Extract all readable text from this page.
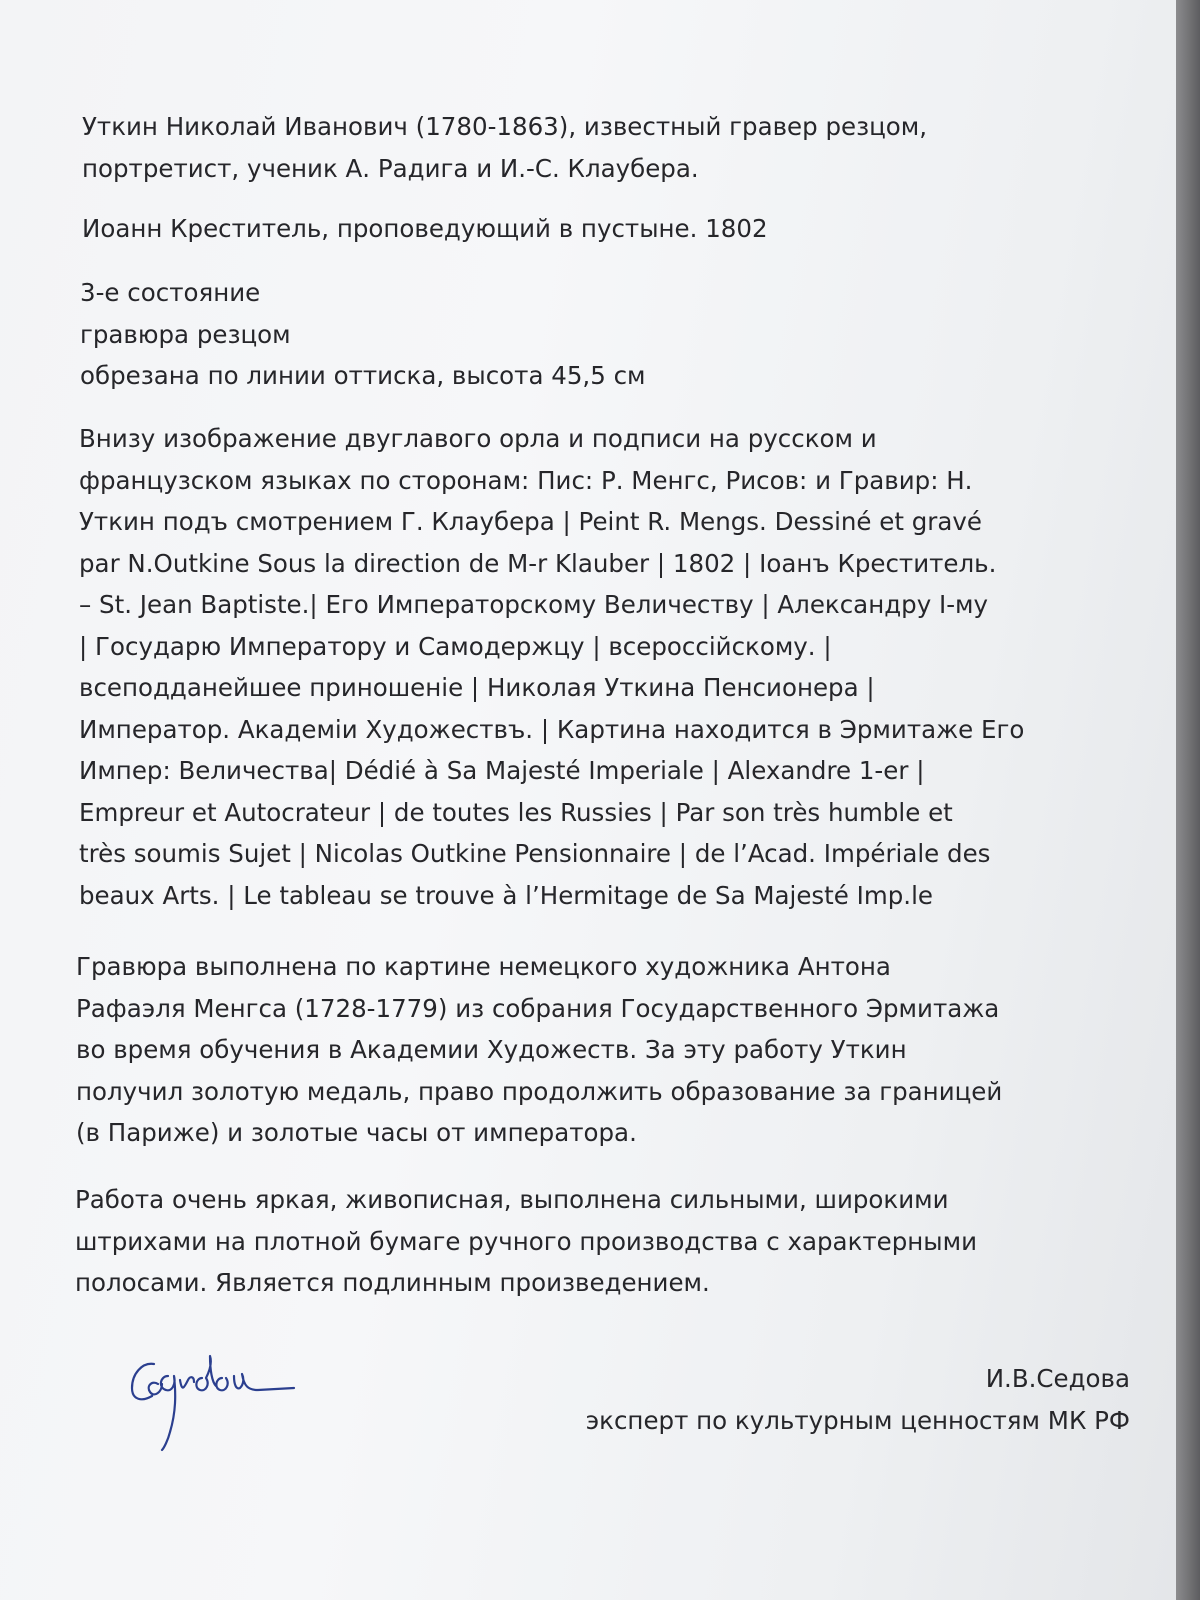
Уткин Николай Иванович (1780-1863), известный гравер резцом,

портретист, ученик А. Радига и И.-С. Клаубера.

Иоанн Креститель, проповедующий в пустыне. 1802

3-е состояние

гравюра резцом

обрезана по линии оттиска, высота 45,5 см

Внизу изображение двуглавого орла и подписи на русском и

французском языках по сторонам: Пис: Р. Менгс, Рисов: и Гравир: Н.

Уткин подъ смотрением Г. Клаубера | Peint R. Mengs. Dessiné et gravé

par N.Outkine Sous la direction de M-r Klauber | 1802 | Іоанъ Креститель.

– St. Jean Baptiste.| Его Императорскому Величеству | Александру I-му

| Государю Императору и Самодержцу | всероссійскому. |

всеподданейшее приношеніе | Николая Уткина Пенсионера |

Император. Академіи Художествъ. | Картина находится в Эрмитаже Его

Импер: Величества| Dédié à Sa Majesté Imperiale | Alexandre 1-er |

Empreur et Autocrateur | de toutes les Russies | Par son très humble et

très soumis Sujet | Nicolas Outkine Pensionnaire | de l’Acad. Impériale des

beaux Arts. | Le tableau se trouve à l’Hermitage de Sa Majesté Imp.le

Гравюра выполнена по картине немецкого художника Антона

Рафаэля Менгса (1728-1779) из собрания Государственного Эрмитажа

во время обучения в Академии Художеств. За эту работу Уткин

получил золотую медаль, право продолжить образование за границей

(в Париже) и золотые часы от императора.

Работа очень яркая, живописная, выполнена сильными, широкими

штрихами на плотной бумаге ручного производства с характерными

полосами. Является подлинным произведением.

И.В.Седова
эксперт по культурным ценностям МК РФ
